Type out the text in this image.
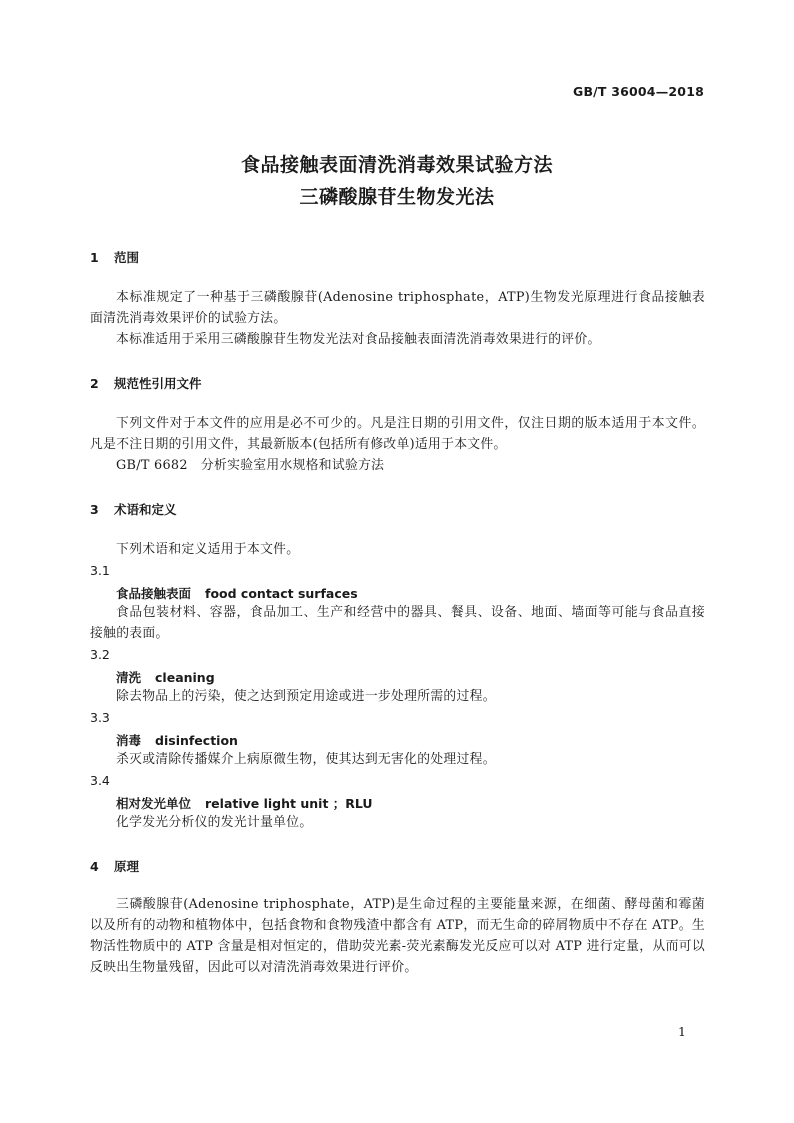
GB/T 36004—2018
食品接触表面清洗消毒效果试验方法
三磷酸腺苷生物发光法
1 范围

本标准规定了一种基于三磷酸腺苷(Adenosine triphosphate，ATP)生物发光原理进行食品接触表面清洗消毒效果评价的试验方法。

本标准适用于采用三磷酸腺苷生物发光法对食品接触表面清洗消毒效果进行的评价。

2 规范性引用文件

下列文件对于本文件的应用是必不可少的。凡是注日期的引用文件，仅注日期的版本适用于本文件。凡是不注日期的引用文件，其最新版本(包括所有修改单)适用于本文件。

GB/T 6682　分析实验室用水规格和试验方法

3 术语和定义

下列术语和定义适用于本文件。

3.1
食品接触表面 food contact surfaces

食品包装材料、容器，食品加工、生产和经营中的器具、餐具、设备、地面、墙面等可能与食品直接接触的表面。

3.2
清洗 cleaning

除去物品上的污染，使之达到预定用途或进一步处理所需的过程。

3.3
消毒 disinfection

杀灭或清除传播媒介上病原微生物，使其达到无害化的处理过程。

3.4
相对发光单位 relative light unit ；RLU

化学发光分析仪的发光计量单位。

4 原理

三磷酸腺苷(Adenosine triphosphate，ATP)是生命过程的主要能量来源，在细菌、酵母菌和霉菌以及所有的动物和植物体中，包括食物和食物残渣中都含有 ATP，而无生命的碎屑物质中不存在 ATP。生物活性物质中的 ATP 含量是相对恒定的，借助荧光素-荧光素酶发光反应可以对 ATP 进行定量，从而可以反映出生物量残留，因此可以对清洗消毒效果进行评价。

1
